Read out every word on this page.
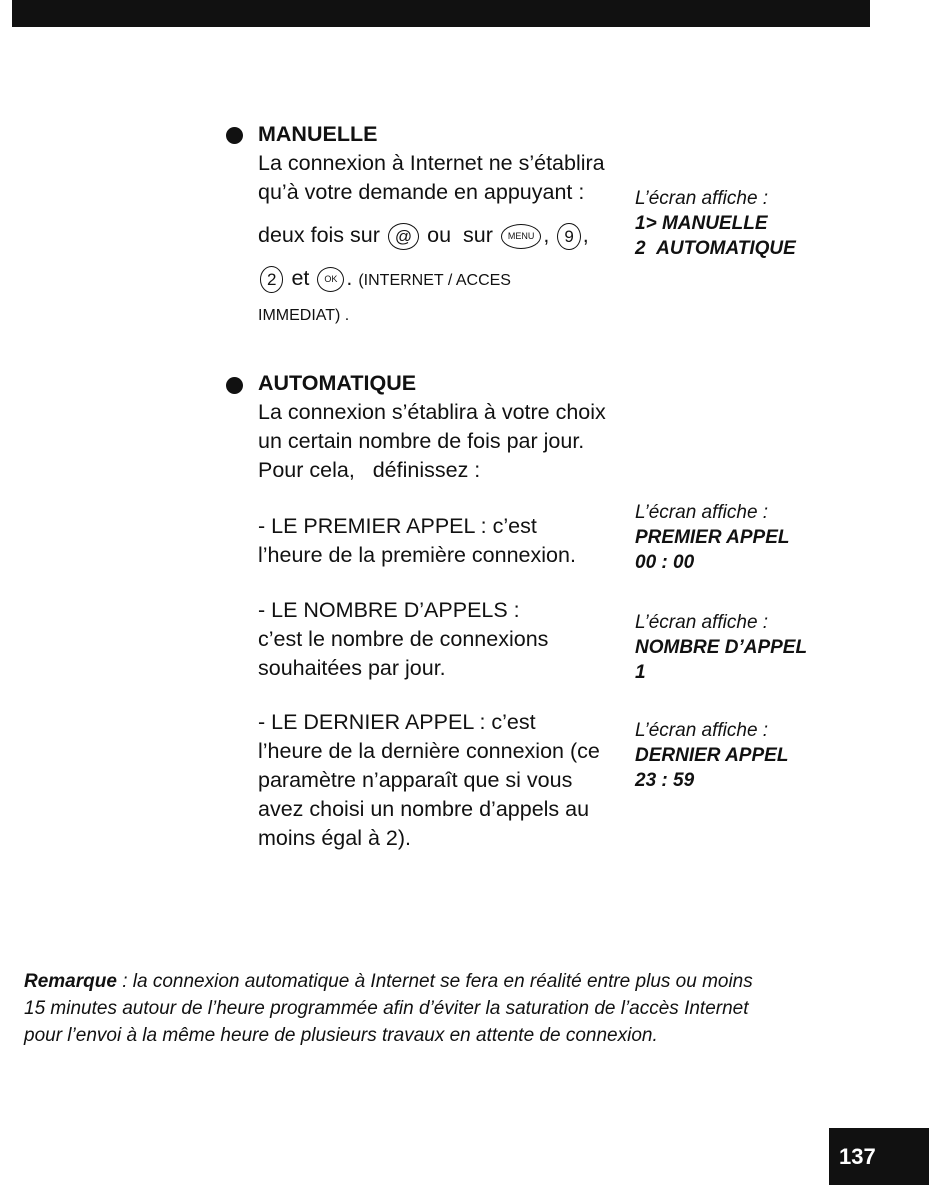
MANUELLE
La connexion à Internet ne s’établira
qu’à votre demande en appuyant :
deux fois sur @ ou sur MENU , 9 ,
2 et OK . (INTERNET / ACCES
IMMEDIAT) .
L’écran affiche :
1> MANUELLE
2 AUTOMATIQUE
AUTOMATIQUE
La connexion s’établira à votre choix
un certain nombre de fois par jour.
Pour cela,   définissez :
- LE PREMIER APPEL : c’est
l’heure de la première connexion.
L’écran affiche :
PREMIER APPEL
00 : 00
- LE NOMBRE D’APPELS :
c’est le nombre de connexions
souhaitées par jour.
L’écran affiche :
NOMBRE D’APPEL
1
- LE DERNIER APPEL : c’est
l’heure de la dernière connexion (ce
paramètre n’apparaît que si vous
avez choisi un nombre d’appels au
moins égal à 2).
L’écran affiche :
DERNIER APPEL
23 : 59
Remarque : la connexion automatique à Internet se fera en réalité entre plus ou moins
15 minutes autour de l’heure programmée afin d’éviter la saturation de l’accès Internet
pour l’envoi à la même heure de plusieurs travaux en attente de connexion.
137
